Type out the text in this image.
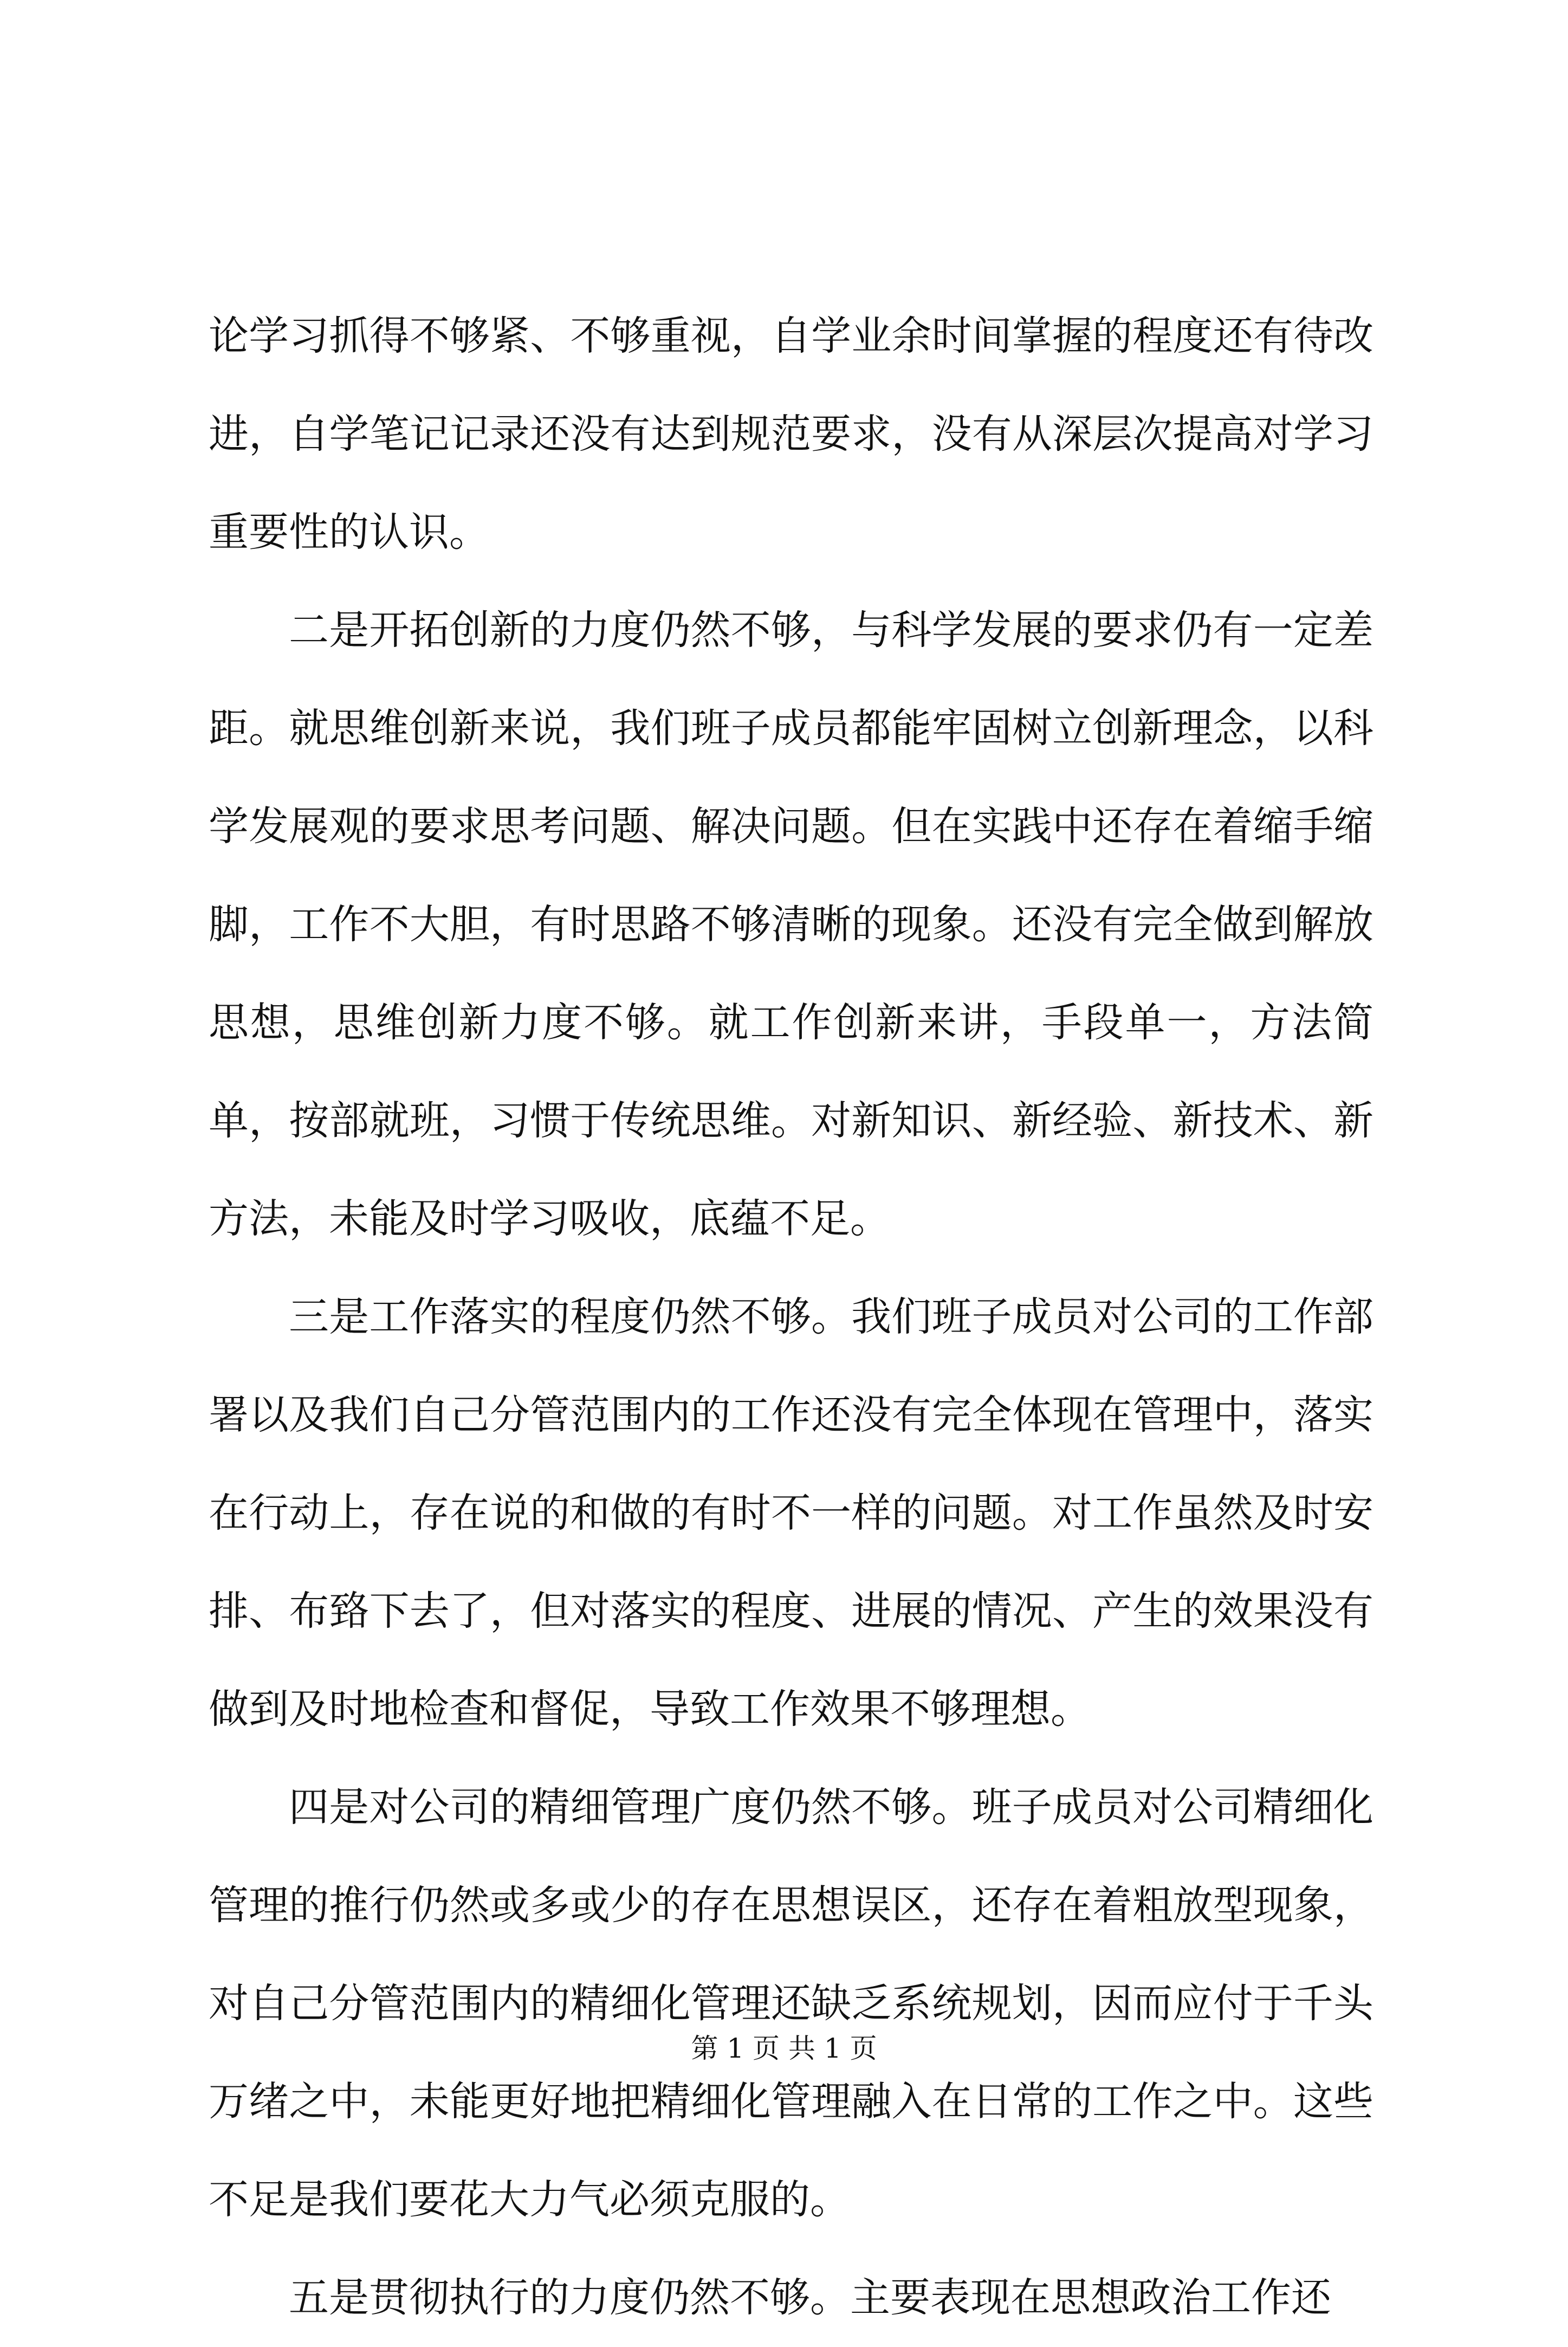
论学习抓得不够紧、不够重视，自学业余时间掌握的程度还有待改进，自学笔记记录还没有达到规范要求，没有从深层次提高对学习重要性的认识。

二是开拓创新的力度仍然不够，与科学发展的要求仍有一定差距。就思维创新来说，我们班子成员都能牢固树立创新理念，以科学发展观的要求思考问题、解决问题。但在实践中还存在着缩手缩脚，工作不大胆，有时思路不够清晰的现象。还没有完全做到解放思想，思维创新力度不够。就工作创新来讲，手段单一，方法简单，按部就班，习惯于传统思维。对新知识、新经验、新技术、新方法，未能及时学习吸收，底蕴不足。

三是工作落实的程度仍然不够。我们班子成员对公司的工作部署以及我们自己分管范围内的工作还没有完全体现在管理中，落实在行动上，存在说的和做的有时不一样的问题。对工作虽然及时安排、布臵下去了，但对落实的程度、进展的情况、产生的效果没有做到及时地检查和督促，导致工作效果不够理想。

四是对公司的精细管理广度仍然不够。班子成员对公司精细化管理的推行仍然或多或少的存在思想误区，还存在着粗放型现象，对自己分管范围内的精细化管理还缺乏系统规划，因而应付于千头万绪之中，未能更好地把精细化管理融入在日常的工作之中。这些不足是我们要花大力气必须克服的。

五是贯彻执行的力度仍然不够。主要表现在思想政治工作还

第 1 页 共 1 页
